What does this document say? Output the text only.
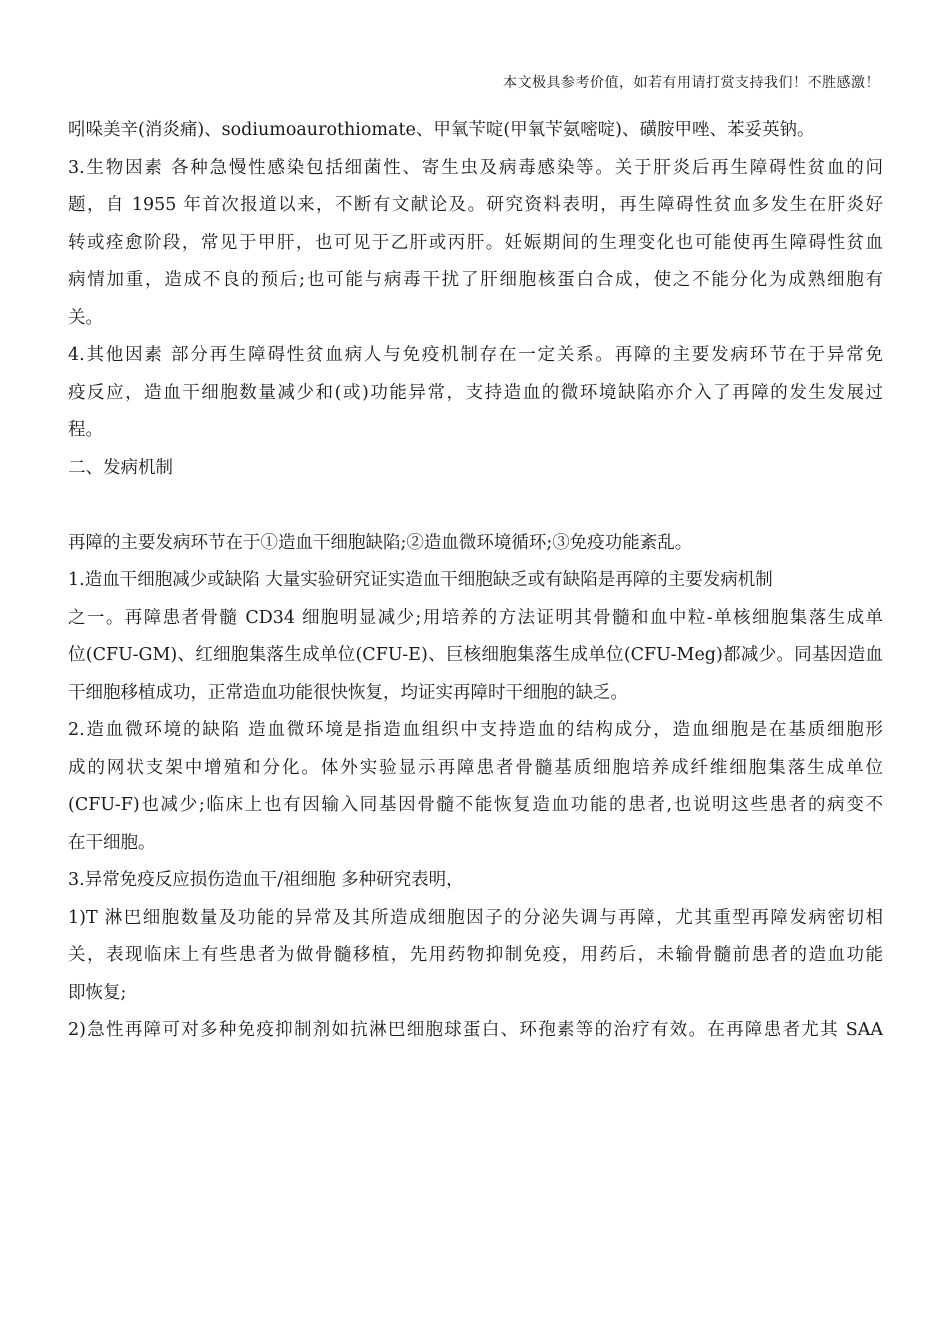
本文极具参考价值，如若有用请打赏支持我们！不胜感激！
吲哚美辛(消炎痛)、sodiumoaurothiomate、甲氧苄啶(甲氧苄氨嘧啶)、磺胺甲唑、苯妥英钠。
3.生物因素 各种急慢性感染包括细菌性、寄生虫及病毒感染等。关于肝炎后再生障碍性贫血的问
题，自 1955 年首次报道以来，不断有文献论及。研究资料表明，再生障碍性贫血多发生在肝炎好
转或痊愈阶段，常见于甲肝，也可见于乙肝或丙肝。妊娠期间的生理变化也可能使再生障碍性贫血
病情加重，造成不良的预后;也可能与病毒干扰了肝细胞核蛋白合成，使之不能分化为成熟细胞有
关。
4.其他因素 部分再生障碍性贫血病人与免疫机制存在一定关系。再障的主要发病环节在于异常免
疫反应，造血干细胞数量减少和(或)功能异常，支持造血的微环境缺陷亦介入了再障的发生发展过
程。
二、发病机制
再障的主要发病环节在于①造血干细胞缺陷;②造血微环境循环;③免疫功能紊乱。
1.造血干细胞减少或缺陷 大量实验研究证实造血干细胞缺乏或有缺陷是再障的主要发病机制
之一。再障患者骨髓 CD34 细胞明显减少;用培养的方法证明其骨髓和血中粒-单核细胞集落生成单
位(CFU-GM)、红细胞集落生成单位(CFU-E)、巨核细胞集落生成单位(CFU-Meg)都减少。同基因造血
干细胞移植成功，正常造血功能很快恢复，均证实再障时干细胞的缺乏。
2.造血微环境的缺陷 造血微环境是指造血组织中支持造血的结构成分，造血细胞是在基质细胞形
成的网状支架中增殖和分化。体外实验显示再障患者骨髓基质细胞培养成纤维细胞集落生成单位
(CFU-F)也减少;临床上也有因输入同基因骨髓不能恢复造血功能的患者,也说明这些患者的病变不
在干细胞。
3.异常免疫反应损伤造血干/祖细胞 多种研究表明，
1)T 淋巴细胞数量及功能的异常及其所造成细胞因子的分泌失调与再障，尤其重型再障发病密切相
关，表现临床上有些患者为做骨髓移植，先用药物抑制免疫，用药后，未输骨髓前患者的造血功能
即恢复;
2)急性再障可对多种免疫抑制剂如抗淋巴细胞球蛋白、环孢素等的治疗有效。在再障患者尤其 SAA
